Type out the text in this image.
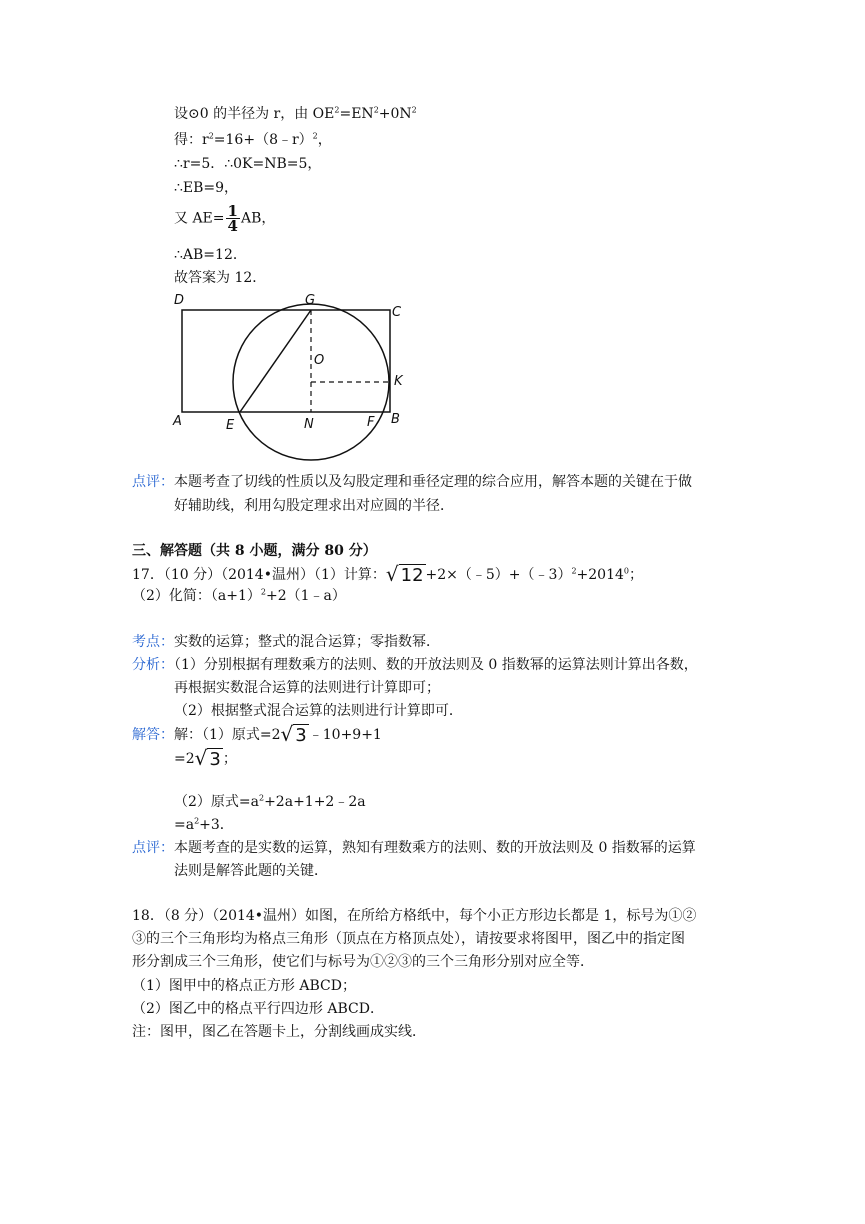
设⊙0 的半径为 r，由 $OE^2=EN^2+0N^2$
得：$r^2=16+(8﹣r)^2$，
∴r=5．∴0K=NB=5，
∴EB=9，
又 $AE= \frac{1}{4}$ AB，
∴AB=12．
故答案为 12．
D	G
C
O
K
A	E	N	F B
点评：本题考查了切线的性质以及勾股定理和垂径定理的综合应用，解答本题的关键在于做
好辅助线，利用勾股定理求出对应圆的半径．
三、解答题（共 8 小题，满分 80 分）
17．（10 分）（2014•温州）（1）计算：√ $12 +2\times(﹣5)+(﹣3)^2+2014^0$；
（2）化简：$(a+1)^2+2(1﹣a)$
考点：实数的运算；整式的混合运算；零指数幂．
分析：（1）分别根据有理数乘方的法则、数的开放法则及 0 指数幂的运算法则计算出各数，
再根据实数混合运算的法则进行计算即可；
（2）根据整式混合运算的法则进行计算即可．
解答：解：（1）原式=2√ 3 ﹣10+9+1
=2√ 3 ；
（2）原式$=a^2+2a+1+2﹣2a$
$=a^2+3$．
点评：本题考查的是实数的运算，熟知有理数乘方的法则、数的开放法则及 0 指数幂的运算
法则是解答此题的关键．
18．（8 分）（2014•温州）如图，在所给方格纸中，每个小正方形边长都是 1，标号为①②
③的三个三角形均为格点三角形（顶点在方格顶点处），请按要求将图甲，图乙中的指定图
形分割成三个三角形，使它们与标号为①②③的三个三角形分别对应全等．
（1）图甲中的格点正方形 ABCD；
（2）图乙中的格点平行四边形 ABCD．
注：图甲，图乙在答题卡上，分割线画成实线．
